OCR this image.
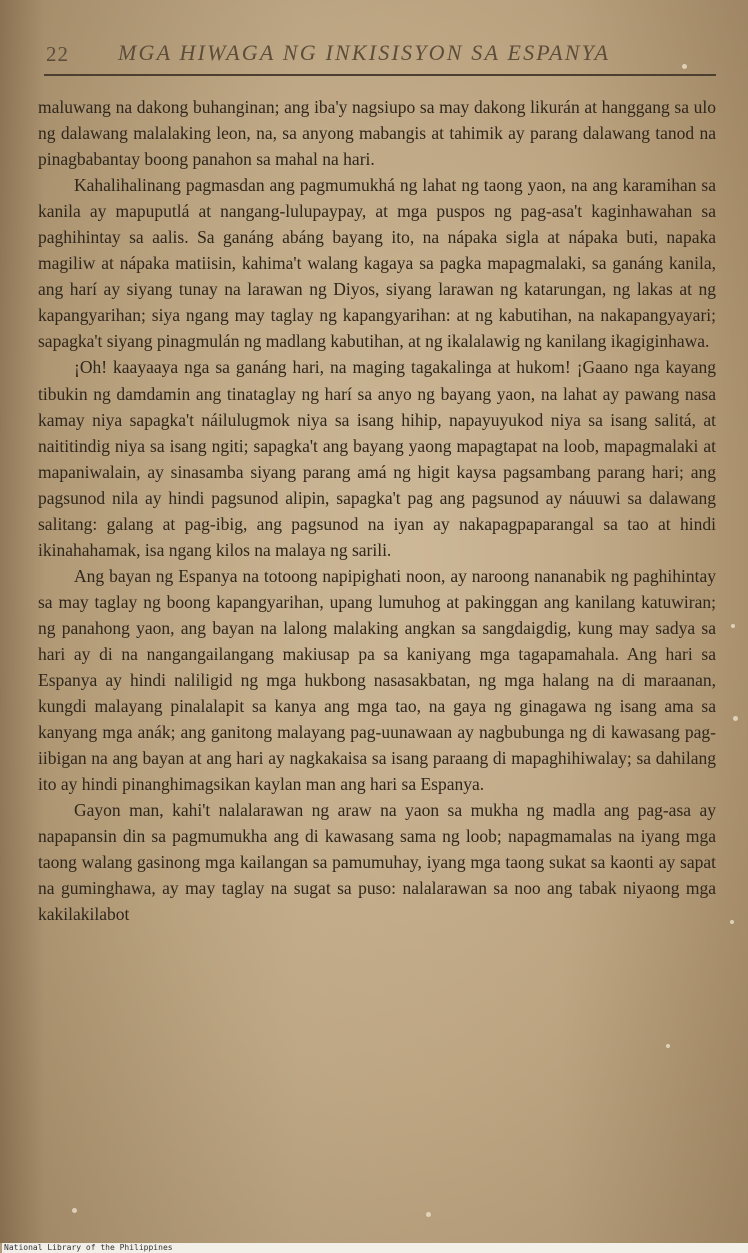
22 MGA HIWAGA NG INKISISYON SA ESPANYA

maluwang na dakong buhanginan; ang iba'y nagsiupo sa may dakong likurán at hanggang sa ulo ng dalawang malalaking leon, na, sa anyong mabangis at tahimik ay parang dalawang tanod na pinagbabantay boong panahon sa mahal na hari.

Kahalihalinang pagmasdan ang pagmumukhá ng lahat ng taong yaon, na ang karamihan sa kanila ay mapuputlá at nangang-lulupaypay, at mga puspos ng pag-asa't kaginhawahan sa paghihintay sa aalis. Sa ganáng abáng bayang ito, na nápaka sigla at nápaka buti, napaka magiliw at nápaka matiisin, kahima't walang kagaya sa pagka mapagmalaki, sa ganáng kanila, ang harí ay siyang tunay na larawan ng Diyos, siyang larawan ng katarungan, ng lakas at ng kapangyarihan; siya ngang may taglay ng kapangyarihan: at ng kabutihan, na nakapangyayari; sapagka't siyang pinagmulán ng madlang kabutihan, at ng ikalalawig ng kanilang ikagiginhawa.

¡Oh! kaayaaya nga sa ganáng hari, na maging tagakalinga at hukom! ¡Gaano nga kayang tibukin ng damdamin ang tinataglay ng harí sa anyo ng bayang yaon, na lahat ay pawang nasa kamay niya sapagka't náilulugmok niya sa isang hihip, napayuyukod niya sa isang salitá, at naititindig niya sa isang ngiti; sapagka't ang bayang yaong mapagtapat na loob, mapagmalaki at mapaniwalain, ay sinasamba siyang parang amá ng higit kaysa pagsambang parang hari; ang pagsunod nila ay hindi pagsunod alipin, sapagka't pag ang pagsunod ay náuuwi sa dalawang salitang: galang at pag-ibig, ang pagsunod na iyan ay nakapagpaparangal sa tao at hindi ikinahahamak, isa ngang kilos na malaya ng sarili.

Ang bayan ng Espanya na totoong napipighati noon, ay naroong nananabik ng paghihintay sa may taglay ng boong kapangyarihan, upang lumuhog at pakinggan ang kanilang katuwiran; ng panahong yaon, ang bayan na lalong malaking angkan sa sangdaigdig, kung may sadya sa hari ay di na nangangailangang makiusap pa sa kaniyang mga tagapamahala. Ang hari sa Espanya ay hindi naliligid ng mga hukbong nasasakbatan, ng mga halang na di maraanan, kungdi malayang pinalalapit sa kanya ang mga tao, na gaya ng ginagawa ng isang ama sa kanyang mga anák; ang ganitong malayang pag-uunawaan ay nagbubunga ng di kawasang pag-iibigan na ang bayan at ang hari ay nagkakaisa sa isang paraang di mapaghihiwalay; sa dahilang ito ay hindi pinanghimagsikan kaylan man ang hari sa Espanya.

Gayon man, kahi't nalalarawan ng araw na yaon sa mukha ng madla ang pag-asa ay napapansin din sa pagmumukha ang di kawasang sama ng loob; napagmamalas na iyang mga taong walang gasinong mga kailangan sa pamumuhay, iyang mga taong sukat sa kaonti ay sapat na guminghawa, ay may taglay na sugat sa puso: nalalarawan sa noo ang tabak niyaong mga kakilakilabot

National Library of the Philippines
